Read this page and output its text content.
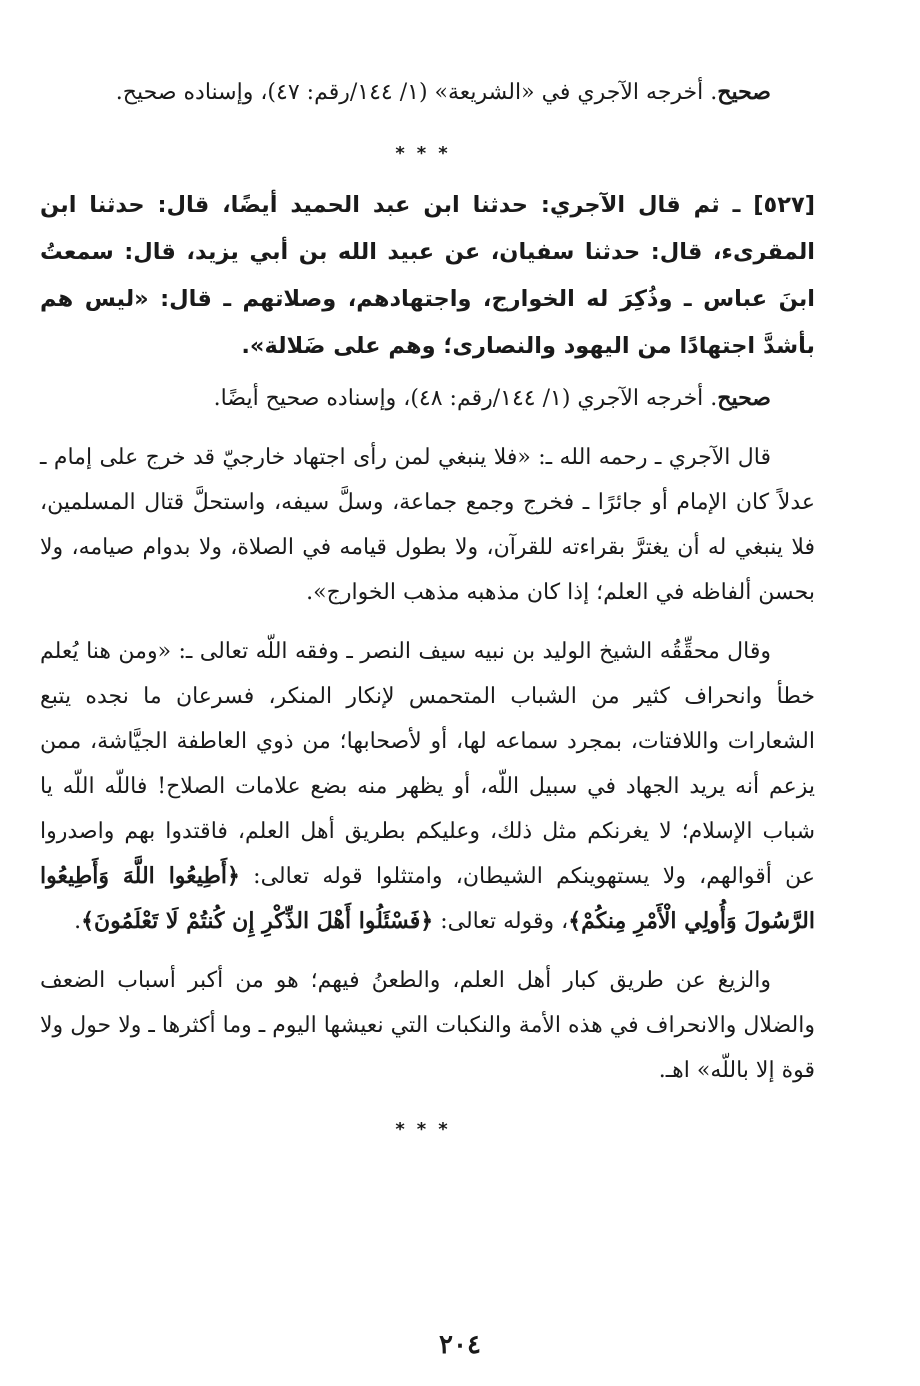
صحيح. أخرجه الآجري في «الشريعة» (١/ ١٤٤/رقم: ٤٧)، وإسناده صحيح.

***

[٥٢٧] ـ ثم قال الآجري: حدثنا ابن عبد الحميد أيضًا، قال: حدثنا ابن المقرىء، قال: حدثنا سفيان، عن عبيد الله بن أبي يزيد، قال: سمعتُ ابنَ عباس ـ وذُكِرَ له الخوارج، واجتهادهم، وصلاتهم ـ قال: «ليس هم بأشدَّ اجتهادًا من اليهود والنصارى؛ وهم على ضَلالة».

صحيح. أخرجه الآجري (١/ ١٤٤/رقم: ٤٨)، وإسناده صحيح أيضًا.

قال الآجري ـ رحمه الله ـ: «فلا ينبغي لمن رأى اجتهاد خارجيّ قد خرج على إمام ـ عدلاً كان الإمام أو جائرًا ـ فخرج وجمع جماعة، وسلَّ سيفه، واستحلَّ قتال المسلمين، فلا ينبغي له أن يغترَّ بقراءته للقرآن، ولا بطول قيامه في الصلاة، ولا بدوام صيامه، ولا بحسن ألفاظه في العلم؛ إذا كان مذهبه مذهب الخوارج».

وقال محقِّقُه الشيخ الوليد بن نبيه سيف النصر ـ وفقه اللّه تعالى ـ: «ومن هنا يُعلم خطأ وانحراف كثير من الشباب المتحمس لإنكار المنكر، فسرعان ما نجده يتبع الشعارات واللافتات، بمجرد سماعه لها، أو لأصحابها؛ من ذوي العاطفة الجيَّاشة، ممن يزعم أنه يريد الجهاد في سبيل اللّه، أو يظهر منه بضع علامات الصلاح! فاللّه اللّه يا شباب الإسلام؛ لا يغرنكم مثل ذلك، وعليكم بطريق أهل العلم، فاقتدوا بهم واصدروا عن أقوالهم، ولا يستهوينكم الشيطان، وامتثلوا قوله تعالى: ﴿أَطِيعُوا اللَّهَ وَأَطِيعُوا الرَّسُولَ وَأُولِي الْأَمْرِ مِنكُمْ﴾، وقوله تعالى: ﴿فَسْئَلُوا أَهْلَ الذِّكْرِ إِن كُنتُمْ لَا تَعْلَمُونَ﴾.

والزيغ عن طريق كبار أهل العلم، والطعنُ فيهم؛ هو من أكبر أسباب الضعف والضلال والانحراف في هذه الأمة والنكبات التي نعيشها اليوم ـ وما أكثرها ـ ولا حول ولا قوة إلا باللّه» اهـ.

***
٢٠٤
